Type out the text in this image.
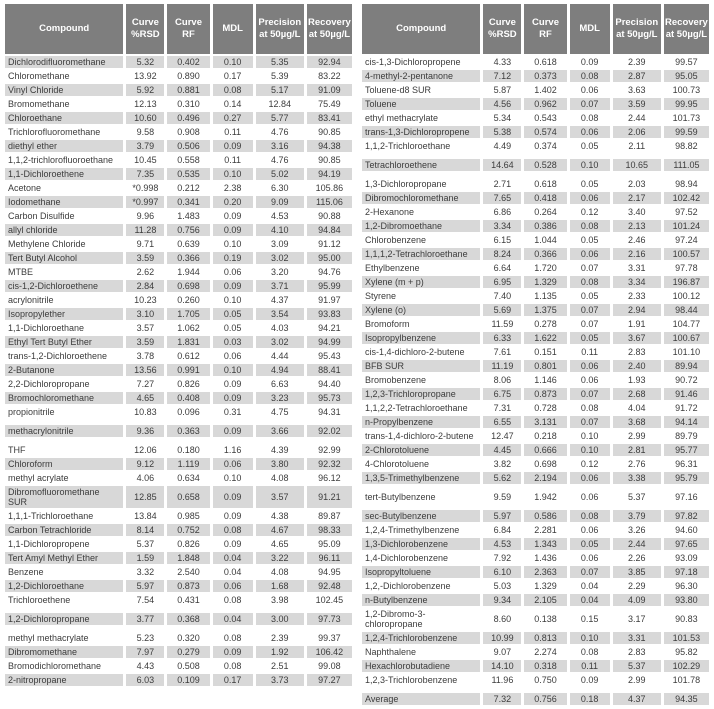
Compound	Curve %RSD	Curve RF	MDL	Precision at 50µg/L	Recovery at 50µg/L
Dichlorodifluoromethane	5.32	0.402	0.10	5.35	92.94
Chloromethane	13.92	0.890	0.17	5.39	83.22
Vinyl Chloride	5.92	0.881	0.08	5.17	91.09
Bromomethane	12.13	0.310	0.14	12.84	75.49
Chloroethane	10.60	0.496	0.27	5.77	83.41
Trichlorofluoromethane	9.58	0.908	0.11	4.76	90.85
diethyl ether	3.79	0.506	0.09	3.16	94.38
1,1,2-trichlorofluoroethane	10.45	0.558	0.11	4.76	90.85
1,1-Dichloroethene	7.35	0.535	0.10	5.02	94.19
Acetone	*0.998	0.212	2.38	6.30	105.86
Iodomethane	*0.997	0.341	0.20	9.09	115.06
Carbon Disulfide	9.96	1.483	0.09	4.53	90.88
allyl chloride	11.28	0.756	0.09	4.10	94.84
Methylene Chloride	9.71	0.639	0.10	3.09	91.12
Tert Butyl Alcohol	3.59	0.366	0.19	3.02	95.00
MTBE	2.62	1.944	0.06	3.20	94.76
cis-1,2-Dichloroethene	2.84	0.698	0.09	3.71	95.99
acrylonitrile	10.23	0.260	0.10	4.37	91.97
Isopropylether	3.10	1.705	0.05	3.54	93.83
1,1-Dichloroethane	3.57	1.062	0.05	4.03	94.21
Ethyl Tert Butyl Ether	3.59	1.831	0.03	3.02	94.99
trans-1,2-Dichloroethene	3.78	0.612	0.06	4.44	95.43
2-Butanone	13.56	0.991	0.10	4.94	88.41
2,2-Dichloropropane	7.27	0.826	0.09	6.63	94.40
Bromochloromethane	4.65	0.408	0.09	3.23	95.73
propionitrile	10.83	0.096	0.31	4.75	94.31

methacrylonitrile	9.36	0.363	0.09	3.66	92.02

THF	12.06	0.180	1.16	4.39	92.99
Chloroform	9.12	1.119	0.06	3.80	92.32
methyl acrylate	4.06	0.634	0.10	4.08	96.12
Dibromofluoromethane SUR	12.85	0.658	0.09	3.57	91.21
1,1,1-Trichloroethane	13.84	0.985	0.09	4.38	89.87
Carbon Tetrachloride	8.14	0.752	0.08	4.67	98.33
1,1-Dichloropropene	5.37	0.826	0.09	4.65	95.09
Tert Amyl Methyl Ether	1.59	1.848	0.04	3.22	96.11
Benzene	3.32	2.540	0.04	4.08	94.95
1,2-Dichloroethane	5.97	0.873	0.06	1.68	92.48
Trichloroethene	7.54	0.431	0.08	3.98	102.45

1,2-Dichloropropane	3.77	0.368	0.04	3.00	97.73

methyl methacrylate	5.23	0.320	0.08	2.39	99.37
Dibromomethane	7.97	0.279	0.09	1.92	106.42
Bromodichloromethane	4.43	0.508	0.08	2.51	99.08
2-nitropropane	6.03	0.109	0.17	3.73	97.27
Compound	Curve %RSD	Curve RF	MDL	Precision at 50µg/L	Recovery at 50µg/L
cis-1,3-Dichloropropene	4.33	0.618	0.09	2.39	99.57
4-methyl-2-pentanone	7.12	0.373	0.08	2.87	95.05
Toluene-d8 SUR	5.87	1.402	0.06	3.63	100.73
Toluene	4.56	0.962	0.07	3.59	99.95
ethyl methacrylate	5.34	0.543	0.08	2.44	101.73
trans-1,3-Dichloropropene	5.38	0.574	0.06	2.06	99.59
1,1,2-Trichloroethane	4.49	0.374	0.05	2.11	98.82

Tetrachloroethene	14.64	0.528	0.10	10.65	111.05

1,3-Dichloropropane	2.71	0.618	0.05	2.03	98.94
Dibromochloromethane	7.65	0.418	0.06	2.17	102.42
2-Hexanone	6.86	0.264	0.12	3.40	97.52
1,2-Dibromoethane	3.34	0.386	0.08	2.13	101.24
Chlorobenzene	6.15	1.044	0.05	2.46	97.24
1,1,1,2-Tetrachloroethane	8.24	0.366	0.06	2.16	100.57
Ethylbenzene	6.64	1.720	0.07	3.31	97.78
Xylene (m + p)	6.95	1.329	0.08	3.34	196.87
Styrene	7.40	1.135	0.05	2.33	100.12
Xylene (o)	5.69	1.375	0.07	2.94	98.44
Bromoform	11.59	0.278	0.07	1.91	104.77
Isopropylbenzene	6.33	1.622	0.05	3.67	100.67
cis-1,4-dichloro-2-butene	7.61	0.151	0.11	2.83	101.10
BFB SUR	11.19	0.801	0.06	2.40	89.94
Bromobenzene	8.06	1.146	0.06	1.93	90.72
1,2,3-Trichloropropane	6.75	0.873	0.07	2.68	91.46
1,1,2,2-Tetrachloroethane	7.31	0.728	0.08	4.04	91.72
n-Propylbenzene	6.55	3.131	0.07	3.68	94.14
trans-1,4-dichloro-2-butene	12.47	0.218	0.10	2.99	89.79
2-Chlorotoluene	4.45	0.666	0.10	2.81	95.77
4-Chlorotoluene	3.82	0.698	0.12	2.76	96.31
1,3,5-Trimethylbenzene	5.62	2.194	0.06	3.38	95.79

tert-Butylbenzene	9.59	1.942	0.06	5.37	97.16

sec-Butylbenzene	5.97	0.586	0.08	3.79	97.82
1,2,4-Trimethylbenzene	6.84	2.281	0.06	3.26	94.60
1,3-Dichlorobenzene	4.53	1.343	0.05	2.44	97.65
1,4-Dichlorobenzene	7.92	1.436	0.06	2.26	93.09
Isopropyltoluene	6.10	2.363	0.07	3.85	97.18
1,2,-Dichlorobenzene	5.03	1.329	0.04	2.29	96.30
n-Butylbenzene	9.34	2.105	0.04	4.09	93.80
1,2-Dibromo-3-chloropropane	8.60	0.138	0.15	3.17	90.83
1,2,4-Trichlorobenzene	10.99	0.813	0.10	3.31	101.53
Naphthalene	9.07	2.274	0.08	2.83	95.82
Hexachlorobutadiene	14.10	0.318	0.11	5.37	102.29
1,2,3-Trichlorobenzene	11.96	0.750	0.09	2.99	101.78

Average	7.32	0.756	0.18	4.37	94.35
